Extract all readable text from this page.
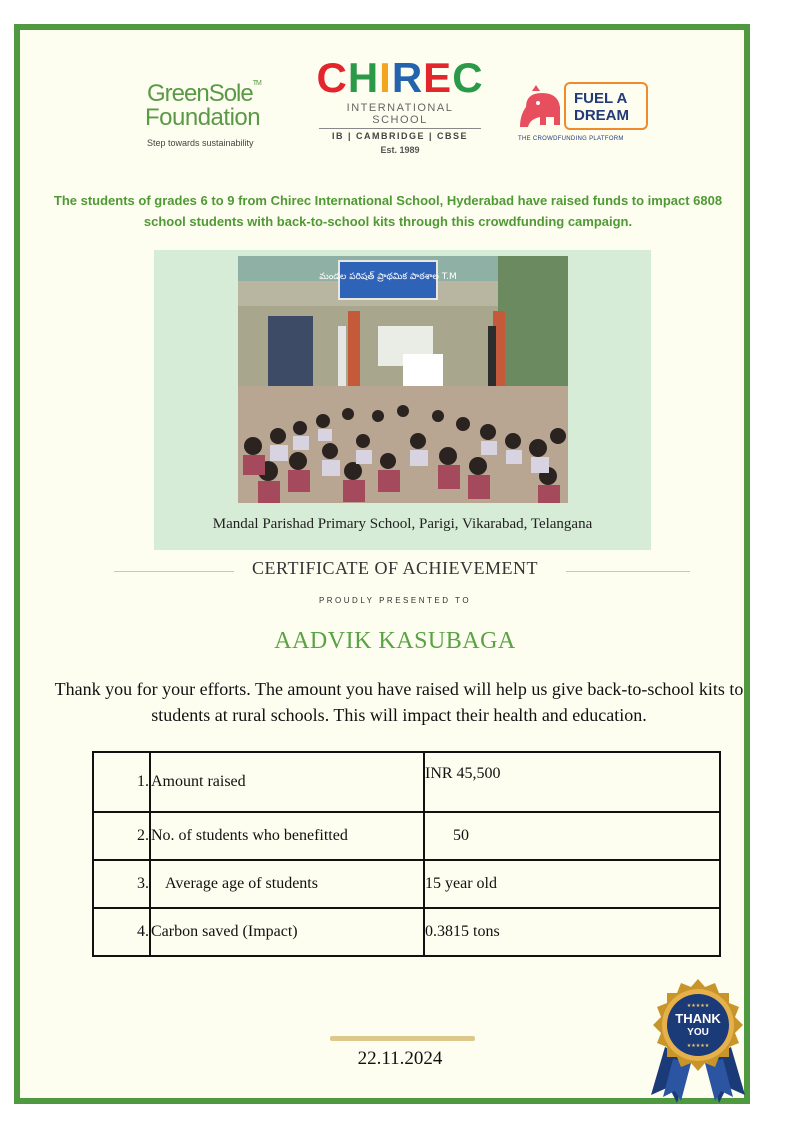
GreenSole™
Foundation
Step towards sustainability
CHIREC
INTERNATIONAL SCHOOL
IB | CAMBRIDGE | CBSE
Est. 1989
FUEL A
DREAM
THE CROWDFUNDING PLATFORM
The students of grades 6 to 9 from Chirec International School, Hyderabad have raised funds to impact 6808 school students with back-to-school kits through this crowdfunding campaign.
మండల పరిషత్ ప్రాథమిక పాఠశాల T.M
Mandal Parishad Primary School, Parigi, Vikarabad, Telangana
CERTIFICATE OF ACHIEVEMENT
PROUDLY PRESENTED TO
AADVIK KASUBAGA
Thank you for your efforts. The amount you have raised will help us give back-to-school kits to students at rural schools. This will impact their health and education.
1.	Amount raised	INR 45,500
2.	No. of students who benefitted	50
3.	Average age of students	15 year old
4.	Carbon saved (Impact)	0.3815 tons
22.11.2024
★★★★★
THANK
YOU
★★★★★
